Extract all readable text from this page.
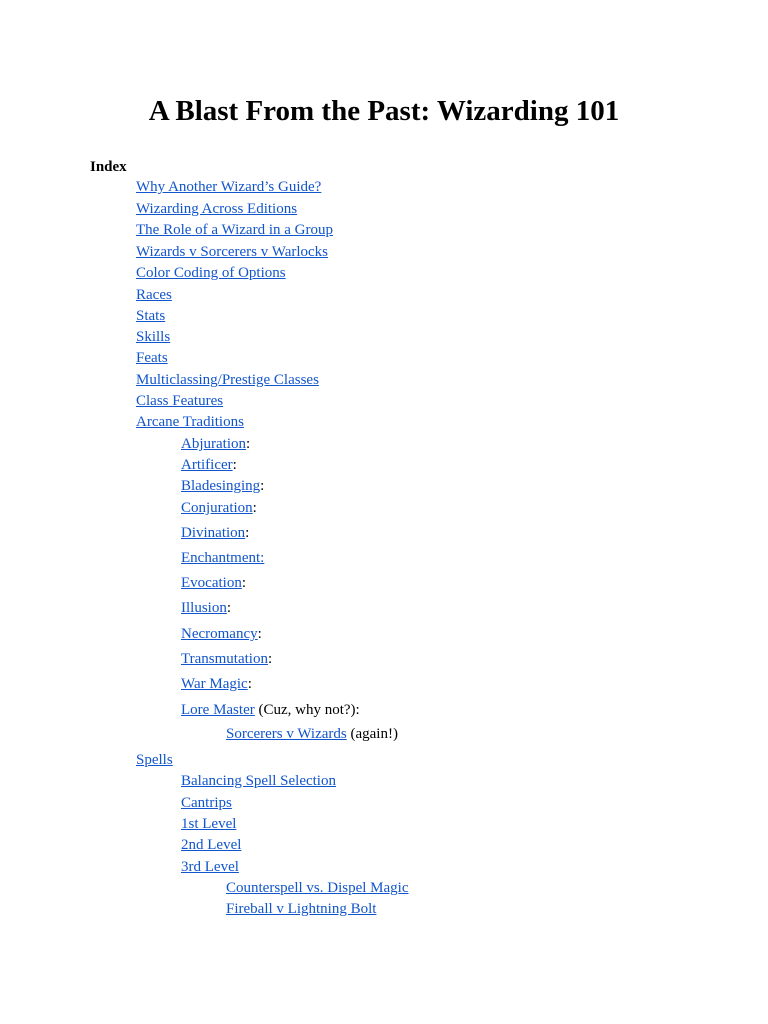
A Blast From the Past: Wizarding 101
Index
Why Another Wizard’s Guide?
Wizarding Across Editions
The Role of a Wizard in a Group
Wizards v Sorcerers v Warlocks
Color Coding of Options
Races
Stats
Skills
Feats
Multiclassing/Prestige Classes
Class Features
Arcane Traditions
Abjuration:
Artificer:
Bladesinging:
Conjuration:
Divination:
Enchantment:
Evocation:
Illusion:
Necromancy:
Transmutation:
War Magic:
Lore Master (Cuz, why not?):
Sorcerers v Wizards (again!)
Spells
Balancing Spell Selection
Cantrips
1st Level
2nd Level
3rd Level
Counterspell vs. Dispel Magic
Fireball v Lightning Bolt
